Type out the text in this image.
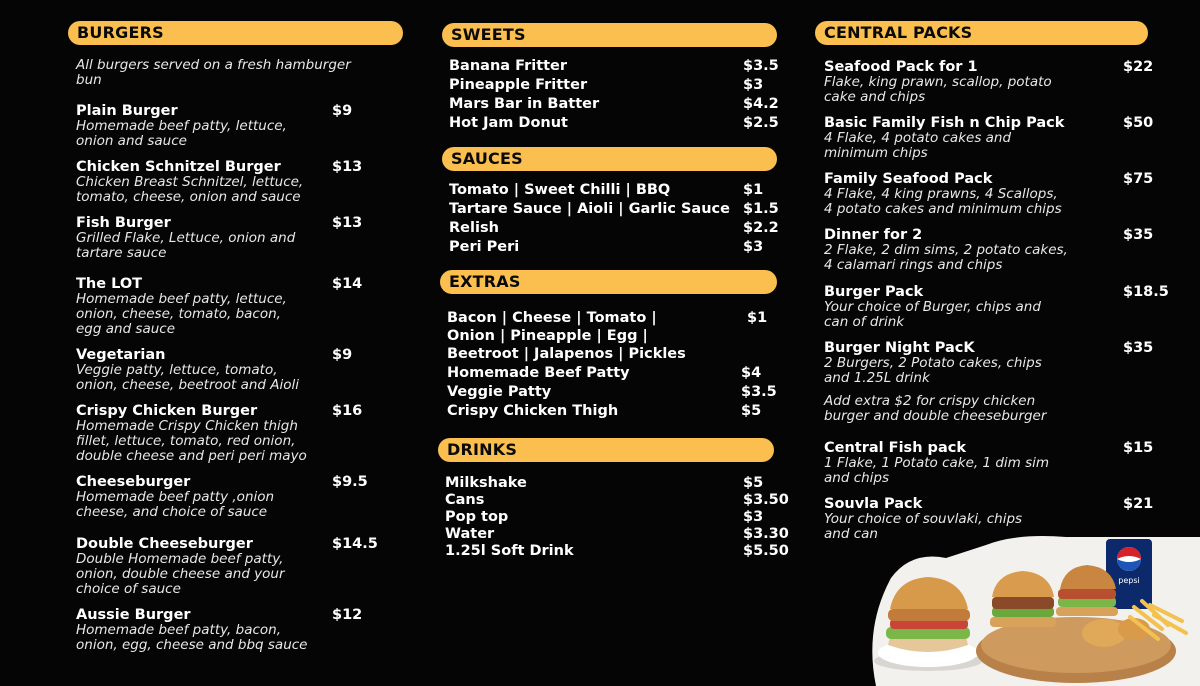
BURGERS
All burgers served on a fresh hamburger
bun
Plain Burger
Homemade beef patty, lettuce,
onion and sauce
$9
Chicken Schnitzel Burger
Chicken Breast Schnitzel, lettuce,
tomato, cheese, onion and sauce
$13
Fish Burger
Grilled Flake, Lettuce, onion and
tartare sauce
$13
The LOT
Homemade beef patty, lettuce,
onion, cheese, tomato, bacon,
egg and sauce
$14
Vegetarian
Veggie patty, lettuce, tomato,
onion, cheese, beetroot and Aioli
$9
Crispy Chicken Burger
Homemade Crispy Chicken thigh
fillet, lettuce, tomato, red onion,
double cheese and peri peri mayo
$16
Cheeseburger
Homemade beef patty ,onion
cheese, and choice of sauce
$9.5
Double Cheeseburger
Double Homemade beef patty,
onion, double cheese and your
choice of sauce
$14.5
Aussie Burger
Homemade beef patty, bacon,
onion, egg, cheese and bbq sauce
$12
SWEETS
Banana Fritter	$3.5
Pineapple Fritter	$3
Mars Bar in Batter	$4.2
Hot Jam Donut	$2.5
SAUCES
Tomato | Sweet Chilli | BBQ	$1
Tartare Sauce | Aioli | Garlic Sauce $1.5
Relish	$2.2
Peri Peri	$3
EXTRAS
Bacon | Cheese | Tomato |	$1
Onion | Pineapple | Egg |
Beetroot | Jalapenos | Pickles
Homemade Beef Patty	$4
Veggie Patty	$3.5
Crispy Chicken Thigh	$5
DRINKS
Milkshake	$5
Cans	$3.50
Pop top	$3
Water	$3.30
1.25l Soft Drink	$5.50
CENTRAL PACKS
Seafood Pack for 1
Flake, king prawn, scallop, potato
cake and chips
$22
Basic Family Fish n Chip Pack
4 Flake, 4 potato cakes and
minimum chips
$50
Family Seafood Pack
4 Flake, 4 king prawns, 4 Scallops,
4 potato cakes and minimum chips
$75
Dinner for 2
2 Flake, 2 dim sims, 2 potato cakes,
4 calamari rings and chips
$35
Burger Pack
Your choice of Burger, chips and
can of drink
$18.5
Burger Night PacK
2 Burgers, 2 Potato cakes, chips
and 1.25L drink
$35
Add extra $2 for crispy chicken
burger and double cheeseburger
Central Fish pack
1 Flake, 1 Potato cake, 1 dim sim
and chips
$15
Souvla Pack
Your choice of souvlaki, chips
and can
$21
pepsi
